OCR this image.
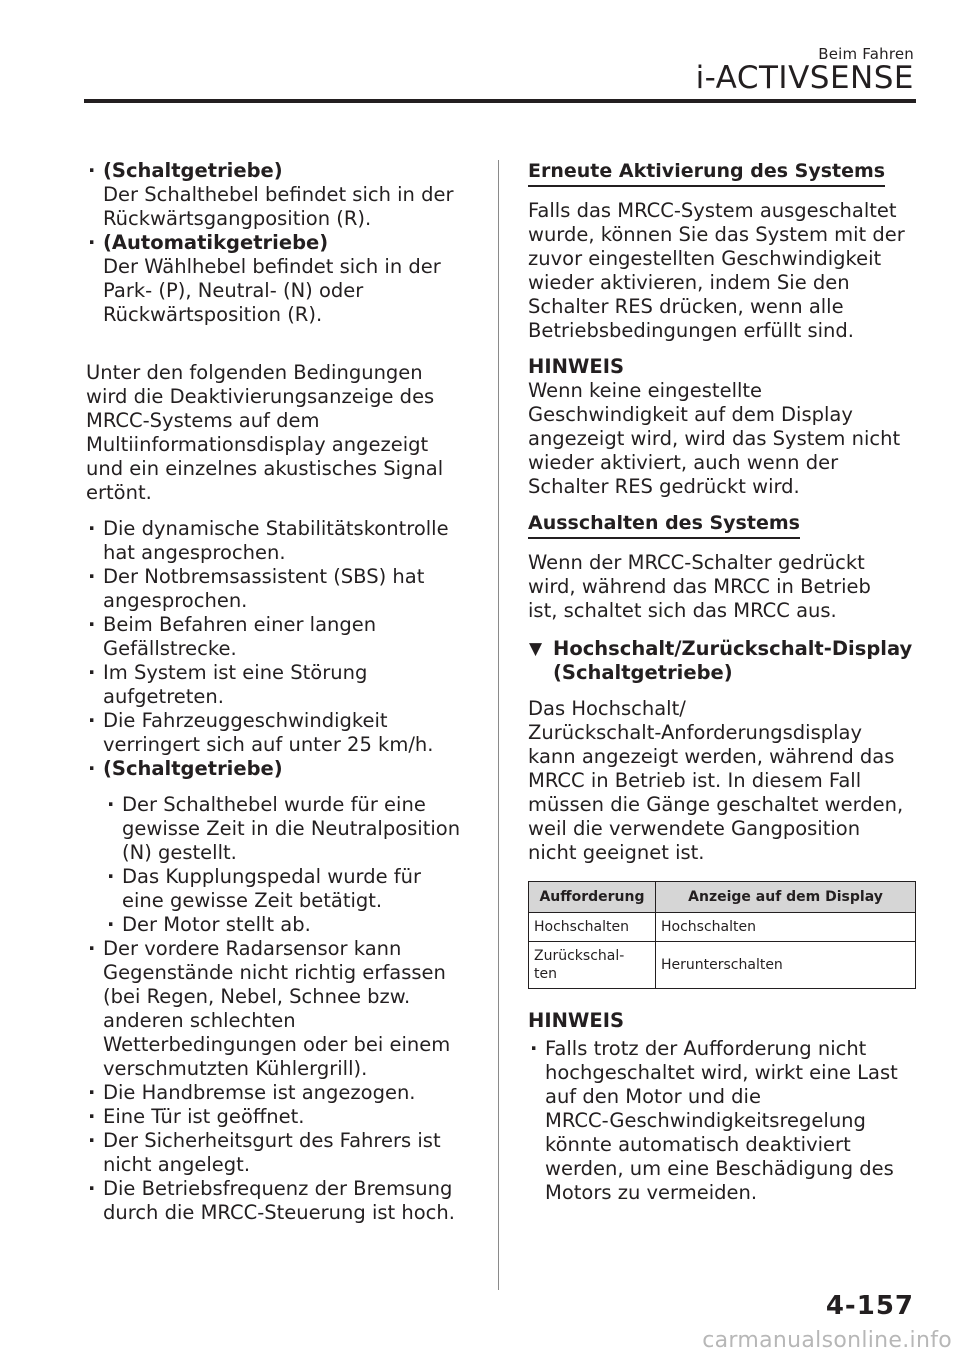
Beim Fahren
i-ACTIVSENSE
· (Schaltgetriebe)
Der Schalthebel befindet sich in der
Rückwärtsgangposition (R).
· (Automatikgetriebe)
Der Wählhebel befindet sich in der
Park- (P), Neutral- (N) oder
Rückwärtsposition (R).
Unter den folgenden Bedingungen
wird die Deaktivierungsanzeige des
MRCC-Systems auf dem
Multiinformationsdisplay angezeigt
und ein einzelnes akustisches Signal
ertönt.
· Die dynamische Stabilitätskontrolle
hat angesprochen.
· Der Notbremsassistent (SBS) hat
angesprochen.
· Beim Befahren einer langen
Gefällstrecke.
· Im System ist eine Störung
aufgetreten.
· Die Fahrzeuggeschwindigkeit
verringert sich auf unter 25 km/h.
· (Schaltgetriebe)
· Der Schalthebel wurde für eine
gewisse Zeit in die Neutralposition
(N) gestellt.
· Das Kupplungspedal wurde für
eine gewisse Zeit betätigt.
· Der Motor stellt ab.
· Der vordere Radarsensor kann
Gegenstände nicht richtig erfassen
(bei Regen, Nebel, Schnee bzw.
anderen schlechten
Wetterbedingungen oder bei einem
verschmutzten Kühlergrill).
· Die Handbremse ist angezogen.
· Eine Tür ist geöffnet.
· Der Sicherheitsgurt des Fahrers ist
nicht angelegt.
· Die Betriebsfrequenz der Bremsung
durch die MRCC-Steuerung ist hoch.
Erneute Aktivierung des Systems
Falls das MRCC-System ausgeschaltet
wurde, können Sie das System mit der
zuvor eingestellten Geschwindigkeit
wieder aktivieren, indem Sie den
Schalter RES drücken, wenn alle
Betriebsbedingungen erfüllt sind.
HINWEIS
Wenn keine eingestellte
Geschwindigkeit auf dem Display
angezeigt wird, wird das System nicht
wieder aktiviert, auch wenn der
Schalter RES gedrückt wird.
Ausschalten des Systems
Wenn der MRCC-Schalter gedrückt
wird, während das MRCC in Betrieb
ist, schaltet sich das MRCC aus.
▼ Hochschalt/Zurückschalt-Display
(Schaltgetriebe)
Das Hochschalt/
Zurückschalt-Anforderungsdisplay
kann angezeigt werden, während das
MRCC in Betrieb ist. In diesem Fall
müssen die Gänge geschaltet werden,
weil die verwendete Gangposition
nicht geeignet ist.
Aufforderung	Anzeige auf dem Display
Hochschalten	Hochschalten
Zurückschal-
ten	Herunterschalten
HINWEIS
· Falls trotz der Aufforderung nicht
hochgeschaltet wird, wirkt eine Last
auf den Motor und die
MRCC-Geschwindigkeitsregelung
könnte automatisch deaktiviert
werden, um eine Beschädigung des
Motors zu vermeiden.
4-157
carmanualsonline.info
